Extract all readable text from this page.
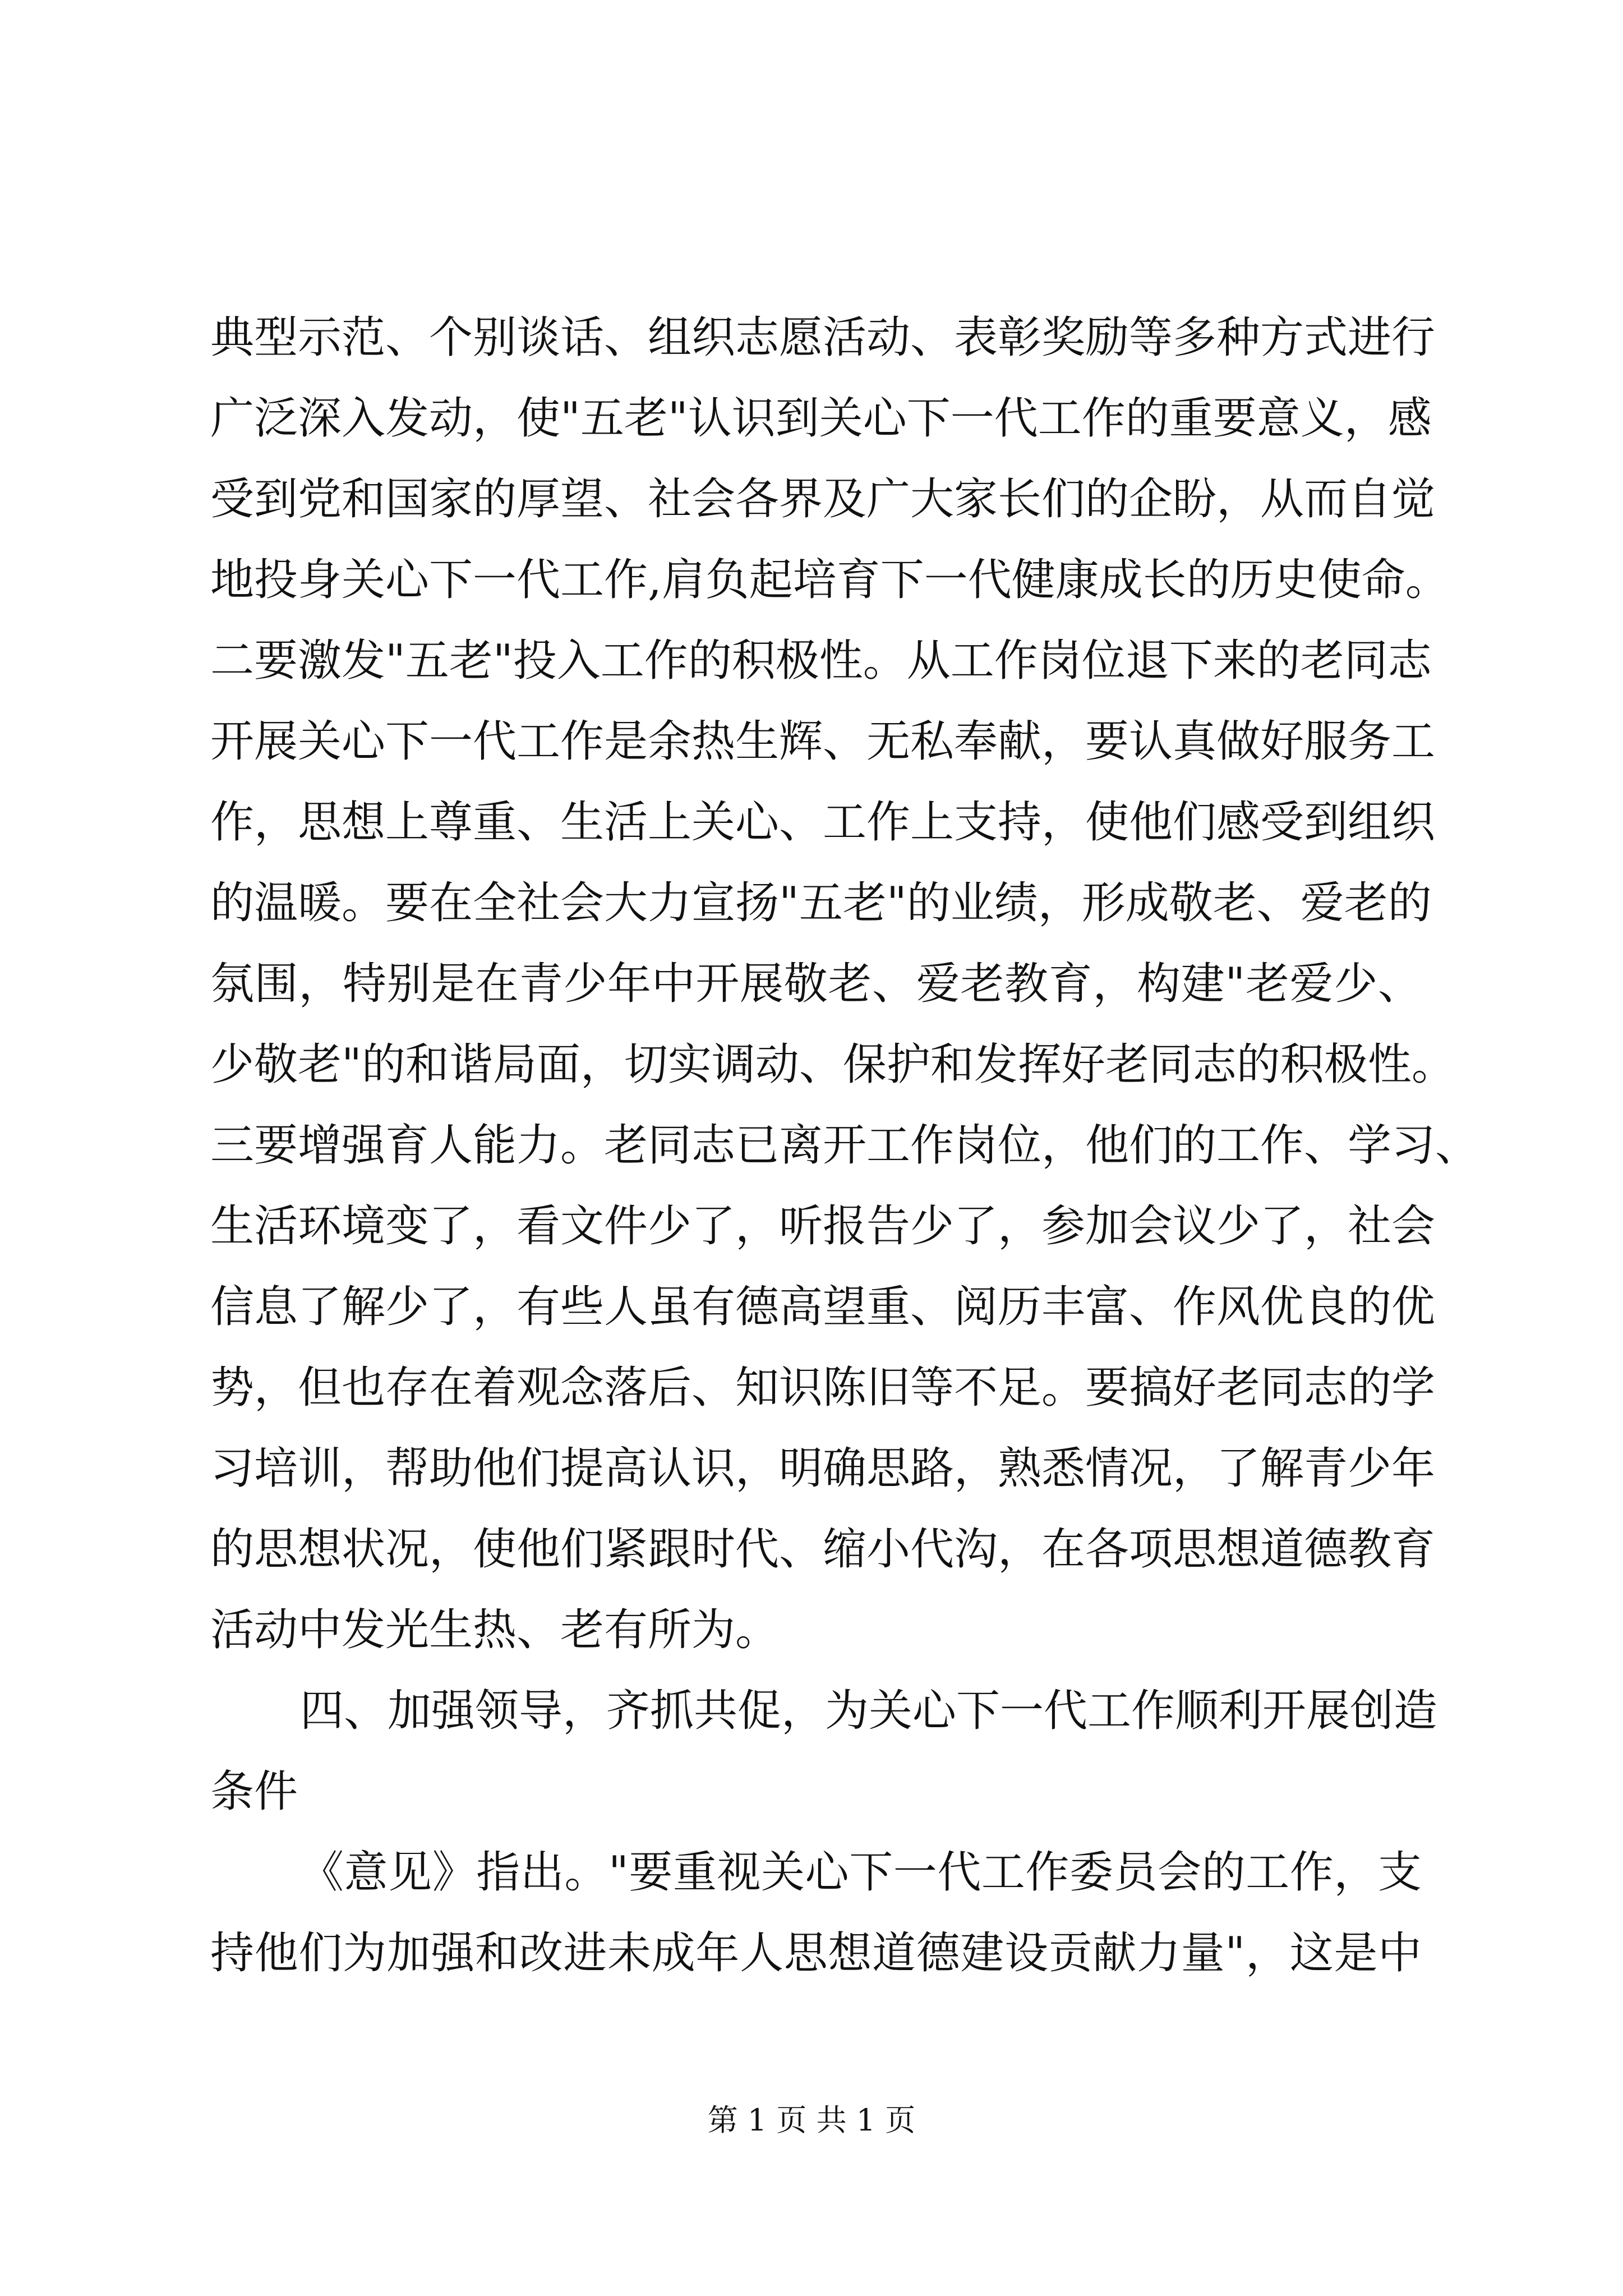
典型示范、个别谈话、组织志愿活动、表彰奖励等多种方式进行
广泛深入发动，使"五老"认识到关心下一代工作的重要意义，感
受到党和国家的厚望、社会各界及广大家长们的企盼，从而自觉
地投身关心下一代工作,肩负起培育下一代健康成长的历史使命。
二要激发"五老"投入工作的积极性。从工作岗位退下来的老同志
开展关心下一代工作是余热生辉、无私奉献，要认真做好服务工
作，思想上尊重、生活上关心、工作上支持，使他们感受到组织
的温暖。要在全社会大力宣扬"五老"的业绩，形成敬老、爱老的
氛围，特别是在青少年中开展敬老、爱老教育，构建"老爱少、
少敬老"的和谐局面，切实调动、保护和发挥好老同志的积极性。
三要增强育人能力。老同志已离开工作岗位，他们的工作、学习、
生活环境变了，看文件少了，听报告少了，参加会议少了，社会
信息了解少了，有些人虽有德高望重、阅历丰富、作风优良的优
势，但也存在着观念落后、知识陈旧等不足。要搞好老同志的学
习培训，帮助他们提高认识，明确思路，熟悉情况，了解青少年
的思想状况，使他们紧跟时代、缩小代沟，在各项思想道德教育
活动中发光生热、老有所为。
四、加强领导，齐抓共促，为关心下一代工作顺利开展创造
条件
《意见》指出。"要重视关心下一代工作委员会的工作，支
持他们为加强和改进未成年人思想道德建设贡献力量"，这是中
第 1 页 共 1 页
